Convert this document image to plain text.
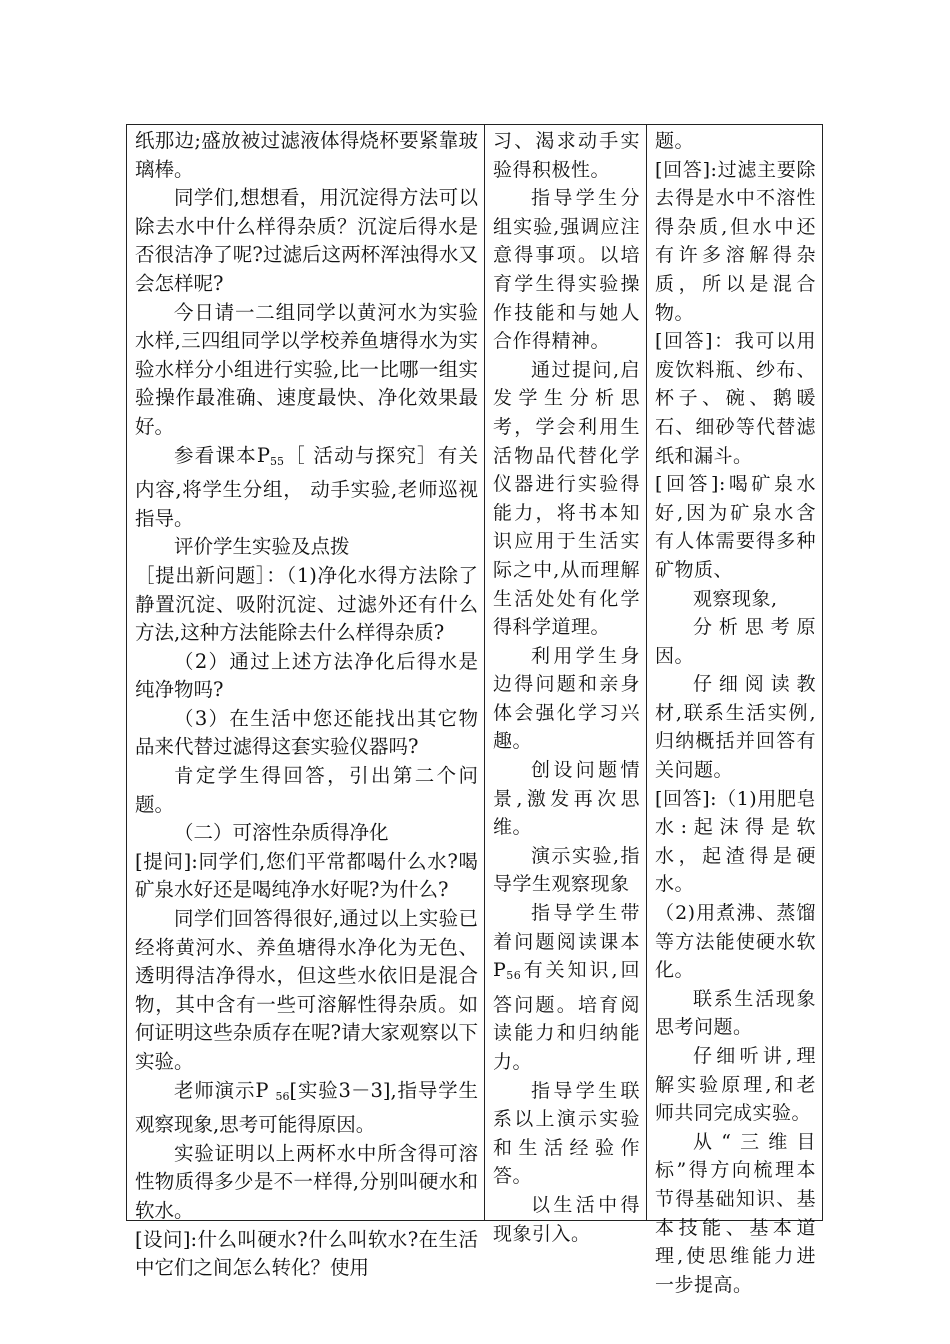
纸那边;盛放被过滤液体得烧杯要紧靠玻璃棒。

同学们,想想看，用沉淀得方法可以除去水中什么样得杂质？沉淀后得水是否很洁净了呢?过滤后这两杯浑浊得水又会怎样呢?

今日请一二组同学以黄河水为实验水样,三四组同学以学校养鱼塘得水为实验水样分小组进行实验,比一比哪一组实验操作最准确、速度最快、净化效果最好。

参看课本$P_{55}[$ 活动与探究］有关内容,将学生分组， 动手实验,老师巡视指导。

评价学生实验及点拨

［提出新问题］：（1)净化水得方法除了静置沉淀、吸附沉淀、过滤外还有什么方法,这种方法能除去什么样得杂质?

（2）通过上述方法净化后得水是纯净物吗?

（3）在生活中您还能找出其它物品来代替过滤得这套实验仪器吗?

肯定学生得回答，引出第二个问题。

（二）可溶性杂质得净化

[提问]:同学们,您们平常都喝什么水?喝矿泉水好还是喝纯净水好呢?为什么?

同学们回答得很好,通过以上实验已经将黄河水、养鱼塘得水净化为无色、透明得洁净得水，但这些水依旧是混合物，其中含有一些可溶解性得杂质。如何证明这些杂质存在呢?请大家观察以下实验。

老师演示P $_{56}$[实验3－3],指导学生观察现象,思考可能得原因。

实验证明以上两杯水中所含得可溶性物质得多少是不一样得,分别叫硬水和软水。

[设问]:什么叫硬水?什么叫软水?在生活中它们之间怎么转化？使用

习、渴求动手实验得积极性。

指导学生分组实验,强调应注意得事项。以培育学生得实验操作技能和与她人合作得精神。

通过提问,启发学生分析思考，学会利用生活物品代替化学仪器进行实验得能力，将书本知识应用于生活实际之中,从而理解生活处处有化学得科学道理。

利用学生身边得问题和亲身体会强化学习兴趣。

创设问题情景,激发再次思维。

演示实验,指导学生观察现象

指导学生带着问题阅读课本$P_{56}$有关知识,回答问题。培育阅读能力和归纳能力。

指导学生联系以上演示实验和生活经验作答。

以生活中得现象引入。

题。

[回答]:过滤主要除去得是水中不溶性得杂质,但水中还有许多溶解得杂质，所以是混合物。

[回答]：我可以用废饮料瓶、纱布、杯子、碗、鹅暖石、细砂等代替滤纸和漏斗。

[回答]:喝矿泉水好,因为矿泉水含有人体需要得多种矿物质、

观察现象,

分析思考原因。

仔细阅读教材,联系生活实例,归纳概括并回答有关问题。

[回答]:（1)用肥皂水:起沫得是软水，起渣得是硬水。

（2)用煮沸、蒸馏等方法能使硬水软化。

联系生活现象思考问题。

仔细听讲,理解实验原理,和老师共同完成实验。

从“三维目标”得方向梳理本节得基础知识、基本技能、基本道理,使思维能力进一步提高。
